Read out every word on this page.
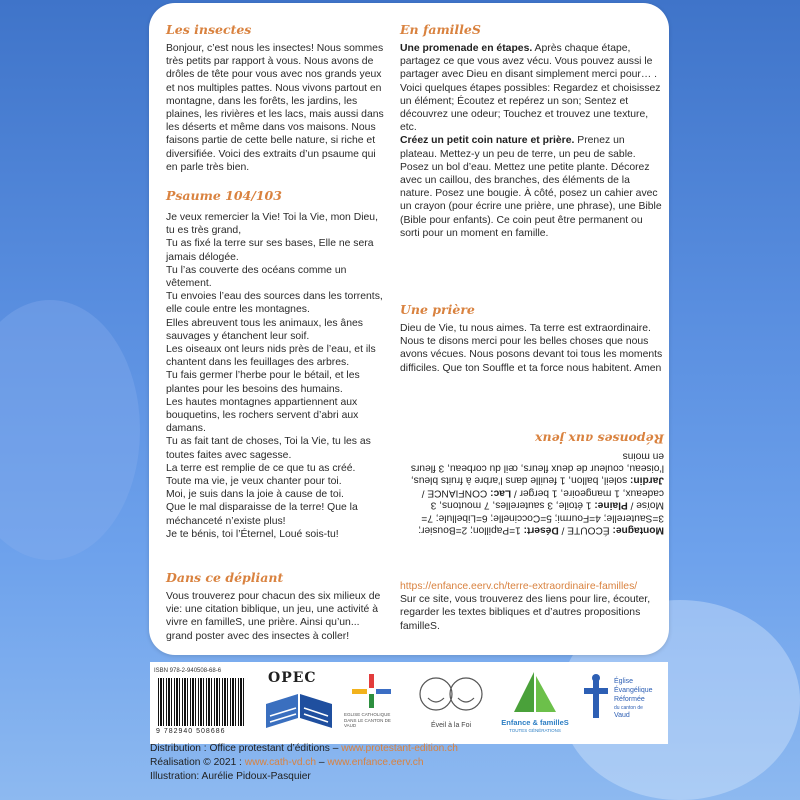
Les insectes
Bonjour, c’est nous les insectes! Nous sommes très petits par rapport à vous. Nous avons de drôles de tête pour vous avec nos grands yeux et nos multiples pattes. Nous vivons partout en montagne, dans les forêts, les jardins, les plaines, les rivières et les lacs, mais aussi dans les déserts et même dans vos maisons. Nous faisons partie de cette belle nature, si riche et diversifiée. Voici des extraits d’un psaume qui en parle très bien.
Psaume 104/103
Je veux remercier la Vie! Toi la Vie, mon Dieu, tu es très grand,
Tu as fixé la terre sur ses bases, Elle ne sera jamais délogée.
Tu l’as couverte des océans comme un vêtement.
Tu envoies l’eau des sources dans les torrents, elle coule entre les montagnes.
Elles abreuvent tous les animaux, les ânes sauvages y étanchent leur soif.
Les oiseaux ont leurs nids près de l’eau, et ils chantent dans les feuillages des arbres.
Tu fais germer l’herbe pour le bétail, et les plantes pour les besoins des humains.
Les hautes montagnes appartiennent aux bouquetins, les rochers servent d’abri aux damans.
Tu as fait tant de choses, Toi la Vie, tu les as toutes faites avec sagesse.
La terre est remplie de ce que tu as créé.
Toute ma vie, je veux chanter pour toi.
Moi, je suis dans la joie à cause de toi.
Que le mal disparaisse de la terre! Que la méchanceté n’existe plus!
Je te bénis, toi l’Éternel, Loué sois-tu!
Dans ce dépliant
Vous trouverez pour chacun des six milieux de vie: une citation biblique, un jeu, une activité à vivre en familleS, une prière. Ainsi qu’un... grand poster avec des insectes à coller!
En familleS
Une promenade en étapes. Après chaque étape, partagez ce que vous avez vécu. Vous pouvez aussi le partager avec Dieu en disant simplement merci pour… . Voici quelques étapes possibles: Regardez et choisissez un élément; Écoutez et repérez un son; Sentez et découvrez une odeur; Touchez et trouvez une texture, etc.
Créez un petit coin nature et prière. Prenez un plateau. Mettez-y un peu de terre, un peu de sable. Posez un bol d’eau. Mettez une petite plante. Décorez avec un caillou, des branches, des éléments de la nature. Posez une bougie. À côté, posez un cahier avec un crayon (pour écrire une prière, une phrase), une Bible (Bible pour enfants). Ce coin peut être permanent ou sorti pour un moment en famille.
Une prière
Dieu de Vie, tu nous aimes. Ta terre est extraordinaire. Nous te disons merci pour les belles choses que nous avons vécues. Nous posons devant toi tous les moments difficiles. Que ton Souffle et ta force nous habitent. Amen
Montagne: ÉCOUTE / Désert: 1=Papillon; 2=Bousier; 3=Sauterelle; 4=Fourmi; 5=Coccinelle; 6=Libellule; 7= Moïse / Plaine: 1 étoile, 3 sauterelles, 7 moutons, 3 cadeaux, 1 mangeoire, 1 berger / Lac: CONFIANCE / Jardin: soleil, ballon, 1 feuille dans l’arbre à fruits bleus, l’oiseau, couleur de deux fleurs, œil du corbeau, 3 fleurs en moins
Réponses aux jeux
https://enfance.eerv.ch/terre-extraordinaire-familles/
Sur ce site, vous trouverez des liens pour lire, écouter, regarder les textes bibliques et d’autres propositions familleS.
ISBN 978-2-940508-68-6
9 782940 508686
OPEC
EGLISE CATHOLIQUE DANS LE CANTON DE VAUD	Éveil à la Foi	Enfance & familleS
TOUTES GÉNÉRATIONS
Église
Évangélique
Réformée
du canton de
Vaud
Distribution : Office protestant d’éditions – www.protestant-edition.ch
Réalisation © 2021 : www.cath-vd.ch – www.enfance.eerv.ch
Illustration: Aurélie Pidoux-Pasquier
